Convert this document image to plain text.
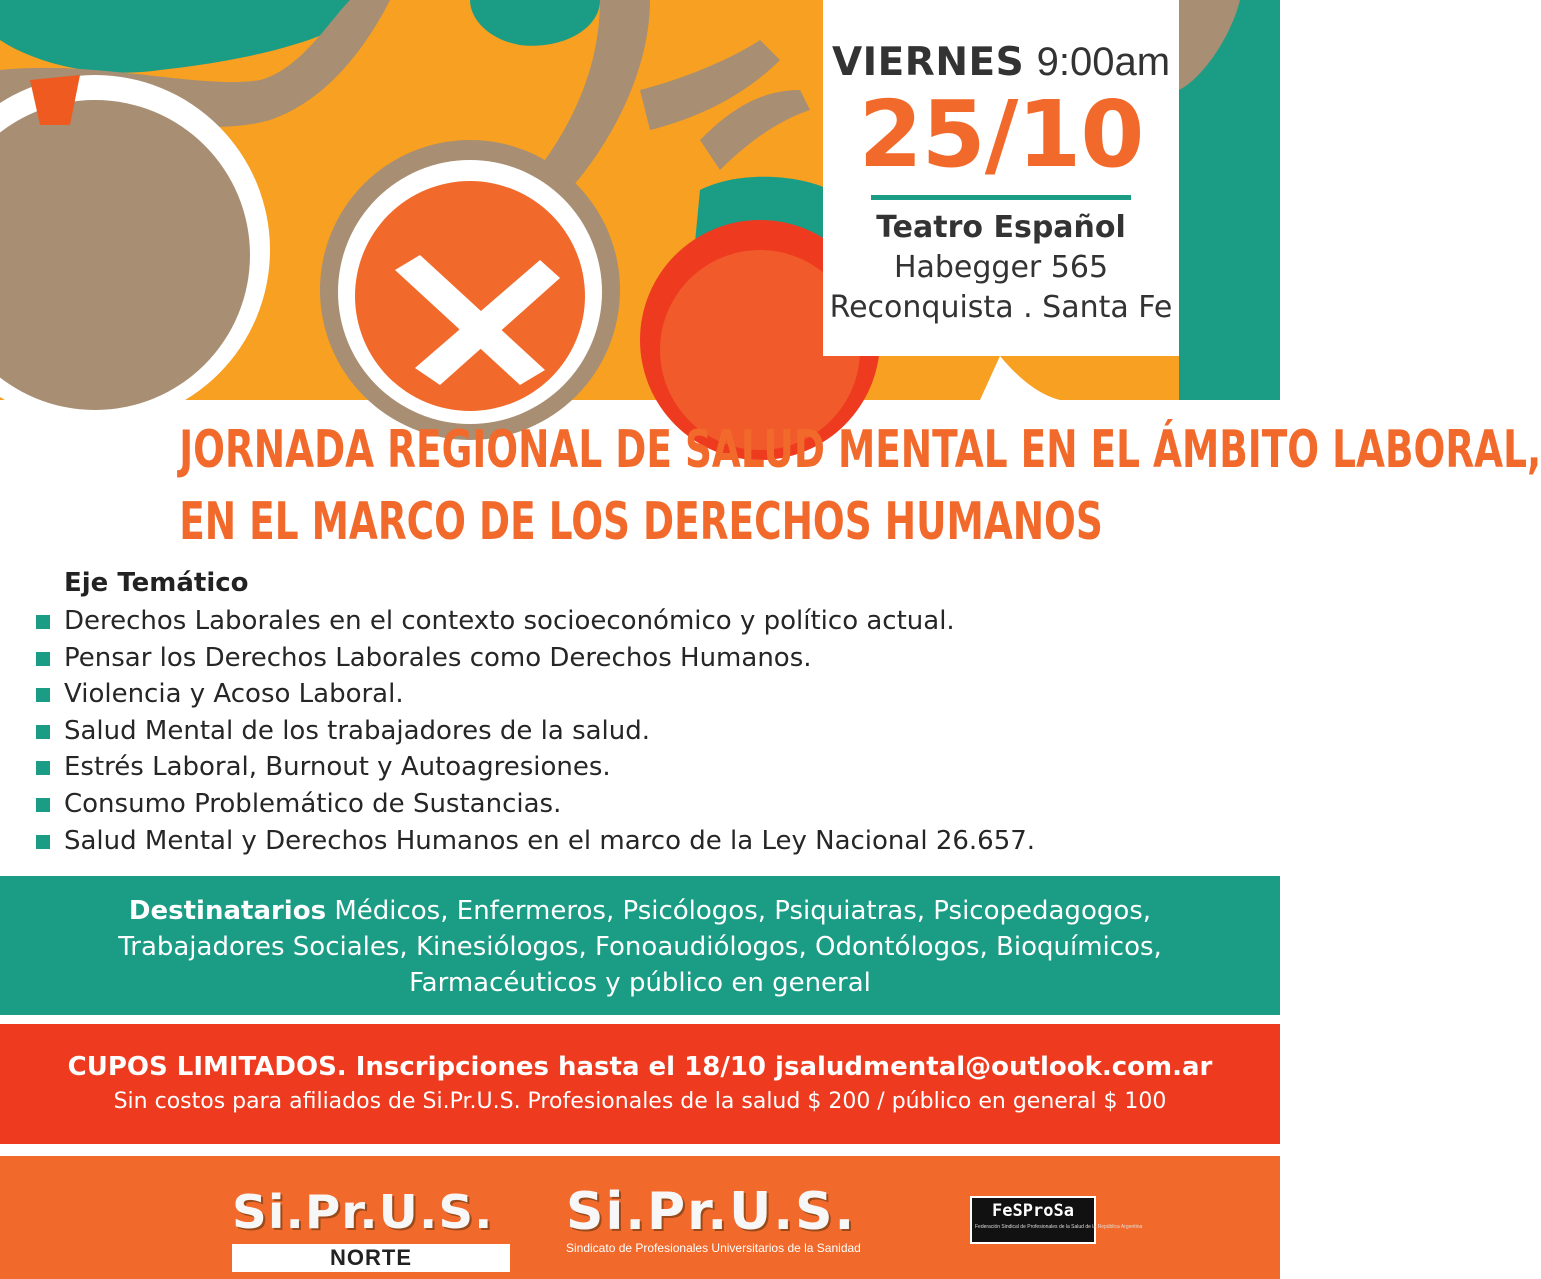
VIERNES 9:00am
25/10
Teatro Español
Habegger 565
Reconquista . Santa Fe
JORNADA REGIONAL DE SALUD MENTAL EN EL ÁMBITO LABORAL,
EN EL MARCO DE LOS DERECHOS HUMANOS
Eje Temático
Derechos Laborales en el contexto socioeconómico y político actual.
Pensar los Derechos Laborales como Derechos Humanos.
Violencia y Acoso Laboral.
Salud Mental de los trabajadores de la salud.
Estrés Laboral, Burnout y Autoagresiones.
Consumo Problemático de Sustancias.
Salud Mental y Derechos Humanos en el marco de la Ley Nacional 26.657.
Destinatarios Médicos, Enfermeros, Psicólogos, Psiquiatras, Psicopedagogos,
Trabajadores Sociales, Kinesiólogos, Fonoaudiólogos, Odontólogos, Bioquímicos,
Farmacéuticos y público en general
CUPOS LIMITADOS. Inscripciones hasta el 18/10 jsaludmental@outlook.com.ar
Sin costos para afiliados de Si.Pr.U.S. Profesionales de la salud $ 200 / público en general $ 100
Si.Pr.U.S.
NORTE
Si.Pr.U.S.
Sindicato de Profesionales Universitarios de la Sanidad
FeSProSa
Federación Sindical de Profesionales de la Salud de la República Argentina
